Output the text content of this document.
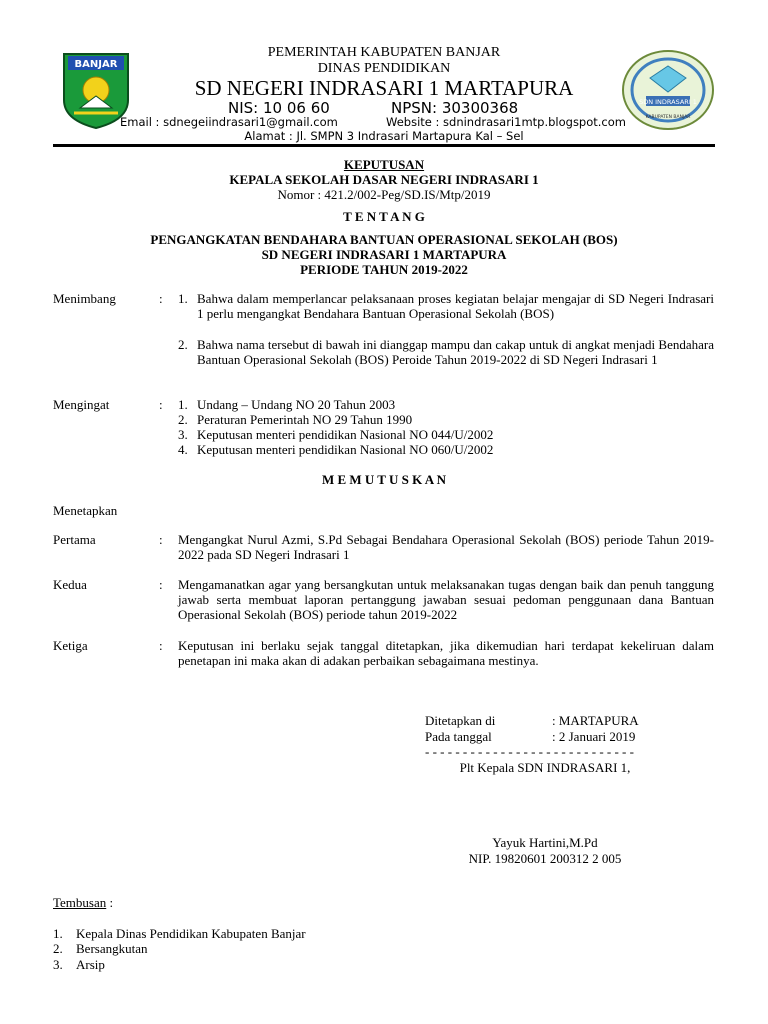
BANJAR
SDN INDRASARI 1
KABUPATEN BANJAR
PEMERINTAH KABUPATEN BANJAR
DINAS PENDIDIKAN
SD NEGERI INDRASARI 1 MARTAPURA
NIS: 10 06 60	NPSN: 30300368
Email : sdnegeiindrasari1@gmail.com	Website : sdnindrasari1mtp.blogspot.com
Alamat : Jl. SMPN 3 Indrasari Martapura Kal – Sel
KEPUTUSAN
KEPALA SEKOLAH DASAR NEGERI INDRASARI 1
Nomor : 421.2/002-Peg/SD.IS/Mtp/2019
T E N T A N G
PENGANGKATAN BENDAHARA BANTUAN OPERASIONAL SEKOLAH (BOS)
SD NEGERI INDRASARI 1 MARTAPURA
PERIODE TAHUN 2019-2022
Menimbang	: 1. Bahwa dalam memperlancar pelaksanaan proses kegiatan belajar mengajar di SD Negeri Indrasari 1 perlu mengangkat Bendahara Bantuan Operasional Sekolah (BOS)
2. Bahwa nama tersebut di bawah ini dianggap mampu dan cakap untuk di angkat menjadi Bendahara Bantuan Operasional Sekolah (BOS) Peroide Tahun 2019-2022 di SD Negeri Indrasari 1
Mengingat	: 1. Undang – Undang NO 20 Tahun 2003
2. Peraturan Pemerintah NO 29 Tahun 1990
3. Keputusan menteri pendidikan Nasional NO 044/U/2002
4. Keputusan menteri pendidikan Nasional NO 060/U/2002
M E M U T U S K A N
Menetapkan
Pertama	: Mengangkat Nurul Azmi, S.Pd Sebagai Bendahara Operasional Sekolah (BOS) periode Tahun 2019-2022 pada SD Negeri Indrasari 1
Kedua	: Mengamanatkan agar yang bersangkutan untuk melaksanakan tugas dengan baik dan penuh tanggung jawab serta membuat laporan pertanggung jawaban sesuai pedoman penggunaan dana Bantuan Operasional Sekolah (BOS) periode tahun 2019-2022
Ketiga	: Keputusan ini berlaku sejak tanggal ditetapkan, jika dikemudian hari terdapat kekeliruan dalam penetapan ini maka akan di adakan perbaikan sebagaimana mestinya.
Ditetapkan di	: MARTAPURA
Pada tanggal	: 2 Januari 2019
- - - - - - - - - - - - - - - - - - - - - - - - - - - -
Plt Kepala SDN INDRASARI 1,
Yayuk Hartini,M.Pd
NIP. 19820601 200312 2 005
Tembusan :
1. Kepala Dinas Pendidikan Kabupaten Banjar
2. Bersangkutan
3. Arsip
